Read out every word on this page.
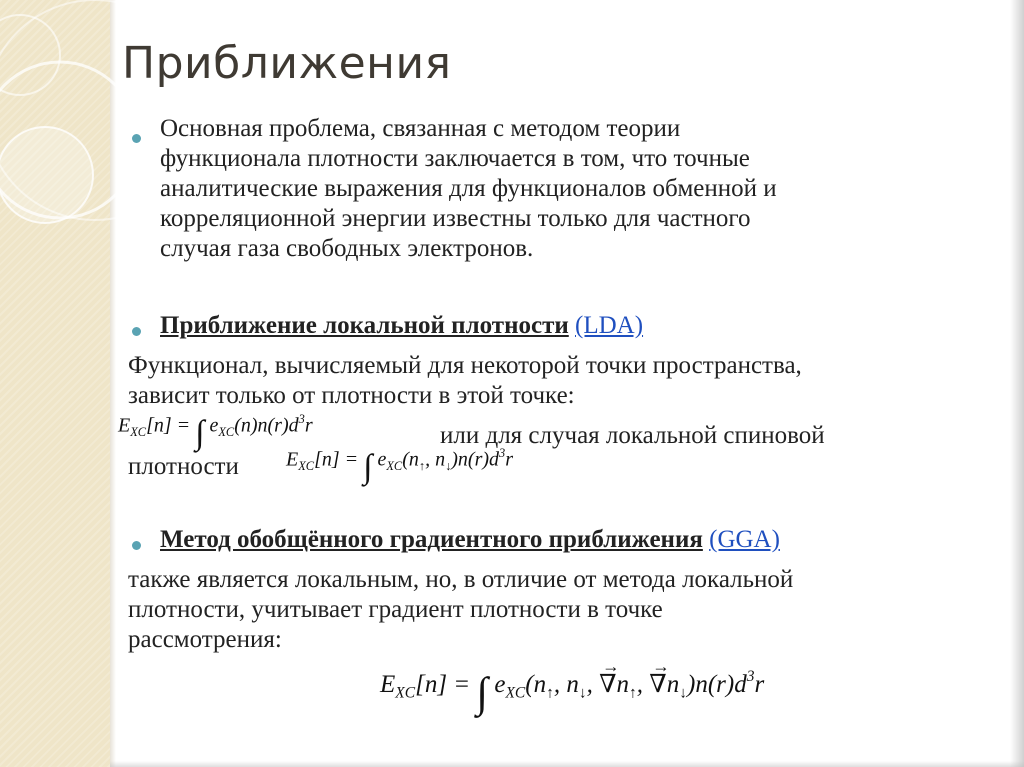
Приближения
Основная проблема, связанная с методом теории
функционала плотности заключается в том, что точные
аналитические выражения для функционалов обменной и
корреляционной энергии известны только для частного
случая газа свободных электронов.
Приближение локальной плотности (LDA)
Функционал, вычисляемый для некоторой точки пространства,
зависит только от плотности в этой точке:
$E_{XC}[n]$ = ∫ $e_{XC}(n)n(r)d^3r$	или для случая локальной спиновой
плотности $E_{XC}[n]$ = ∫ $e_{XC}(n_↑$, $n_↓)n(r)d^3r$
Метод обобщённого градиентного приближения (GGA)
также является локальным, но, в отличие от метода локальной
плотности, учитывает градиент плотности в точке
рассмотрения:
$E_{XC}[n]$ = ∫ $e_{XC}(n_↑$, $n_↓$, → $\nabla n_↑$, → $\nabla n_↓)n(r)d^3r$
